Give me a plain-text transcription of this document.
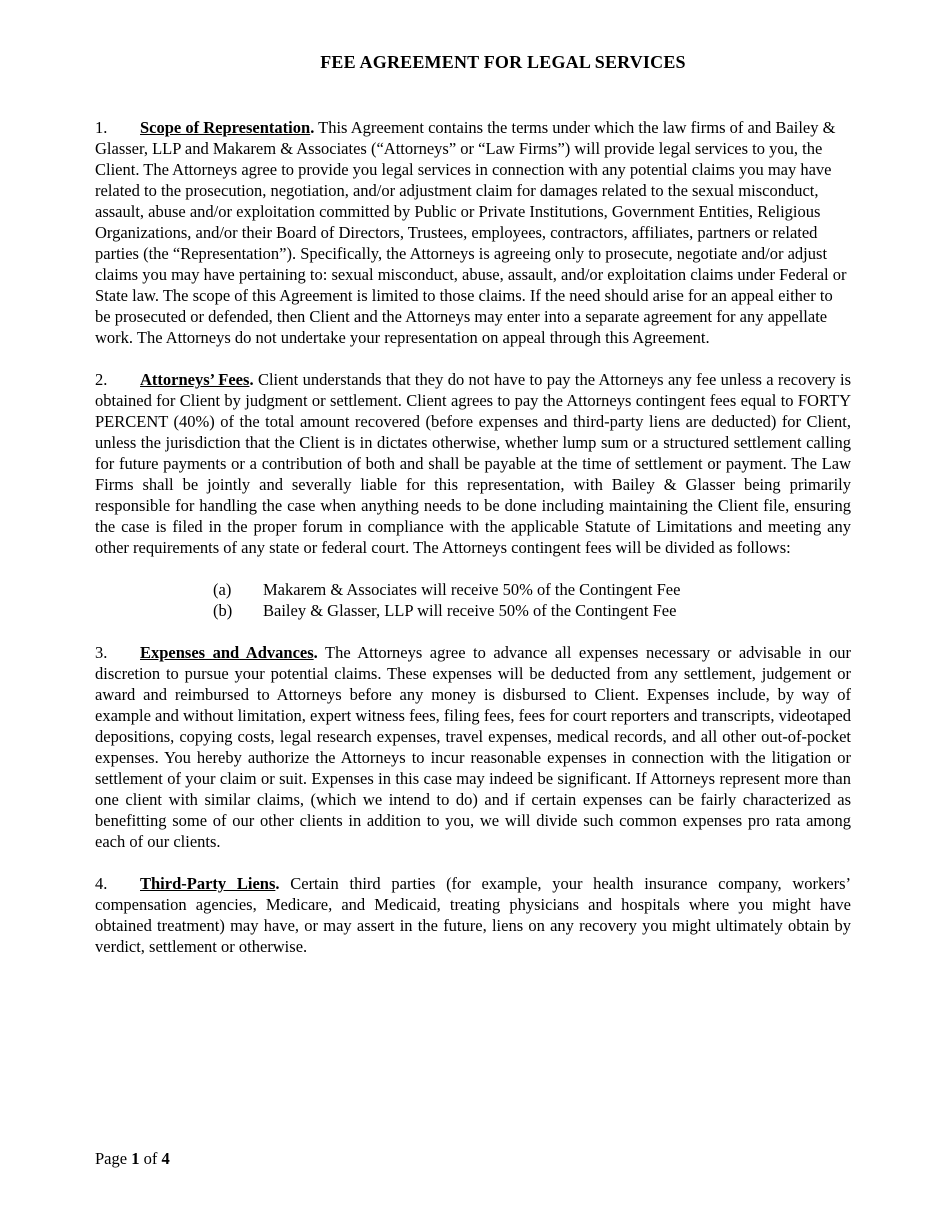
FEE AGREEMENT FOR LEGAL SERVICES

1. Scope of Representation. This Agreement contains the terms under which the law firms of and Bailey & Glasser, LLP and Makarem & Associates (“Attorneys” or “Law Firms”) will provide legal services to you, the Client. The Attorneys agree to provide you legal services in connection with any potential claims you may have related to the prosecution, negotiation, and/or adjustment claim for damages related to the sexual misconduct, assault, abuse and/or exploitation committed by Public or Private Institutions, Government Entities, Religious Organizations, and/or their Board of Directors, Trustees, employees, contractors, affiliates, partners or related parties (the “Representation”). Specifically, the Attorneys is agreeing only to prosecute, negotiate and/or adjust claims you may have pertaining to: sexual misconduct, abuse, assault, and/or exploitation claims under Federal or State law. The scope of this Agreement is limited to those claims. If the need should arise for an appeal either to be prosecuted or defended, then Client and the Attorneys may enter into a separate agreement for any appellate work. The Attorneys do not undertake your representation on appeal through this Agreement.

2. Attorneys’ Fees. Client understands that they do not have to pay the Attorneys any fee unless a recovery is obtained for Client by judgment or settlement. Client agrees to pay the Attorneys contingent fees equal to FORTY PERCENT (40%) of the total amount recovered (before expenses and third-party liens are deducted) for Client, unless the jurisdiction that the Client is in dictates otherwise, whether lump sum or a structured settlement calling for future payments or a contribution of both and shall be payable at the time of settlement or payment. The Law Firms shall be jointly and severally liable for this representation, with Bailey & Glasser being primarily responsible for handling the case when anything needs to be done including maintaining the Client file, ensuring the case is filed in the proper forum in compliance with the applicable Statute of Limitations and meeting any other requirements of any state or federal court. The Attorneys contingent fees will be divided as follows:

(a)	Makarem & Associates will receive 50% of the Contingent Fee
(b)	Bailey & Glasser, LLP will receive 50% of the Contingent Fee

3. Expenses and Advances. The Attorneys agree to advance all expenses necessary or advisable in our discretion to pursue your potential claims. These expenses will be deducted from any settlement, judgement or award and reimbursed to Attorneys before any money is disbursed to Client. Expenses include, by way of example and without limitation, expert witness fees, filing fees, fees for court reporters and transcripts, videotaped depositions, copying costs, legal research expenses, travel expenses, medical records, and all other out-of-pocket expenses. You hereby authorize the Attorneys to incur reasonable expenses in connection with the litigation or settlement of your claim or suit. Expenses in this case may indeed be significant. If Attorneys represent more than one client with similar claims, (which we intend to do) and if certain expenses can be fairly characterized as benefitting some of our other clients in addition to you, we will divide such common expenses pro rata among each of our clients.

4. Third-Party Liens. Certain third parties (for example, your health insurance company, workers’ compensation agencies, Medicare, and Medicaid, treating physicians and hospitals where you might have obtained treatment) may have, or may assert in the future, liens on any recovery you might ultimately obtain by verdict, settlement or otherwise.

Page 1 of 4
